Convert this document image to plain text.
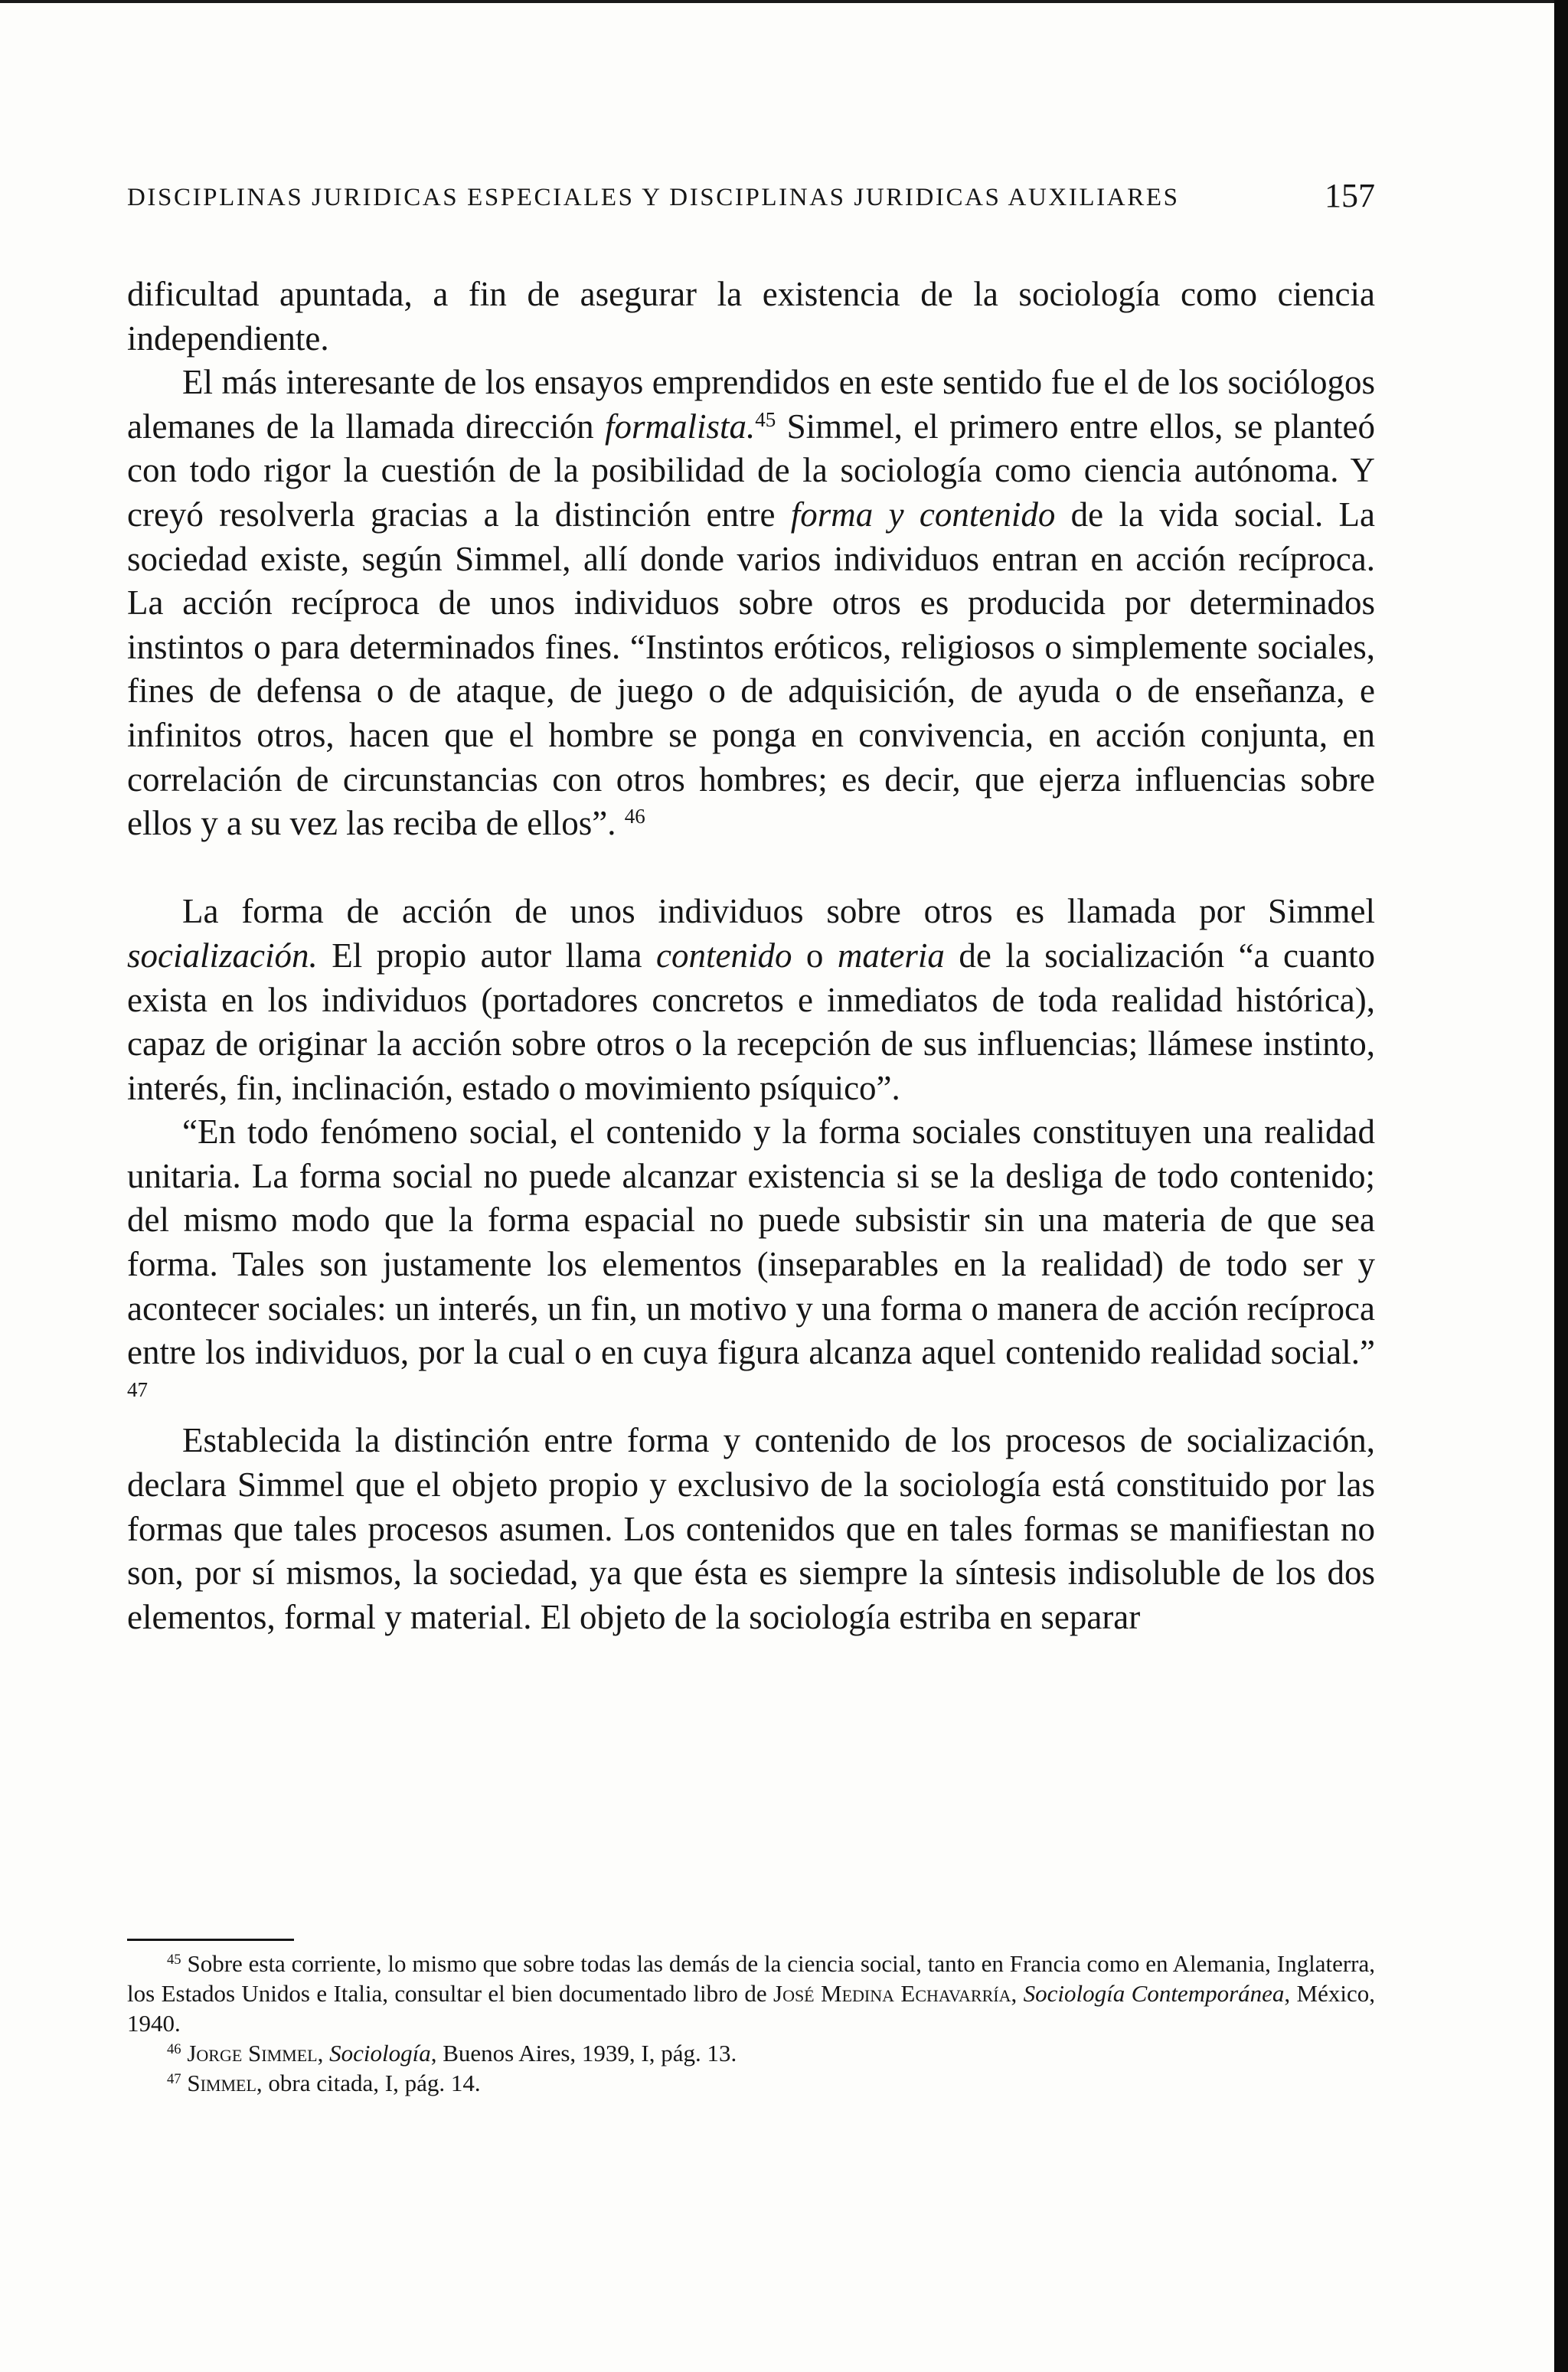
DISCIPLINAS JURIDICAS ESPECIALES Y DISCIPLINAS JURIDICAS AUXILIARES	157

dificultad apuntada, a fin de asegurar la existencia de la sociología como ciencia independiente.

El más interesante de los ensayos emprendidos en este sentido fue el de los sociólogos alemanes de la llamada dirección formalista.$^{45}$ Simmel, el primero entre ellos, se planteó con todo rigor la cuestión de la posibilidad de la sociología como ciencia autónoma. Y creyó resolverla gracias a la distinción entre forma y contenido de la vida social. La sociedad existe, según Simmel, allí donde varios individuos entran en acción recíproca. La acción recíproca de unos individuos sobre otros es producida por determinados instintos o para determinados fines. “Instintos eróticos, religiosos o simplemente sociales, fines de defensa o de ataque, de juego o de adquisición, de ayuda o de enseñanza, e infinitos otros, hacen que el hombre se ponga en convivencia, en acción conjunta, en correlación de circunstancias con otros hombres; es decir, que ejerza influencias sobre ellos y a su vez las reciba de ellos”. $^{46}$

La forma de acción de unos individuos sobre otros es llamada por Simmel socialización. El propio autor llama contenido o materia de la socialización “a cuanto exista en los individuos (portadores concretos e inmediatos de toda realidad histórica), capaz de originar la acción sobre otros o la recepción de sus influencias; llámese instinto, interés, fin, inclinación, estado o movimiento psíquico”.

“En todo fenómeno social, el contenido y la forma sociales constituyen una realidad unitaria. La forma social no puede alcanzar existencia si se la desliga de todo contenido; del mismo modo que la forma espacial no puede subsistir sin una materia de que sea forma. Tales son justamente los elementos (inseparables en la realidad) de todo ser y acontecer sociales: un interés, un fin, un motivo y una forma o manera de acción recíproca entre los individuos, por la cual o en cuya figura alcanza aquel contenido realidad social.” $^{47}$

Establecida la distinción entre forma y contenido de los procesos de socialización, declara Simmel que el objeto propio y exclusivo de la sociología está constituido por las formas que tales procesos asumen. Los contenidos que en tales formas se manifiestan no son, por sí mismos, la sociedad, ya que ésta es siempre la síntesis indisoluble de los dos elementos, formal y material. El objeto de la sociología estriba en separar

$^{45}$ Sobre esta corriente, lo mismo que sobre todas las demás de la ciencia social, tanto en Francia como en Alemania, Inglaterra, los Estados Unidos e Italia, consultar el bien documentado libro de José Medina Echavarría, Sociología Contemporánea, México, 1940.

$^{46}$ Jorge Simmel, Sociología, Buenos Aires, 1939, I, pág. 13.

$^{47}$ Simmel, obra citada, I, pág. 14.
